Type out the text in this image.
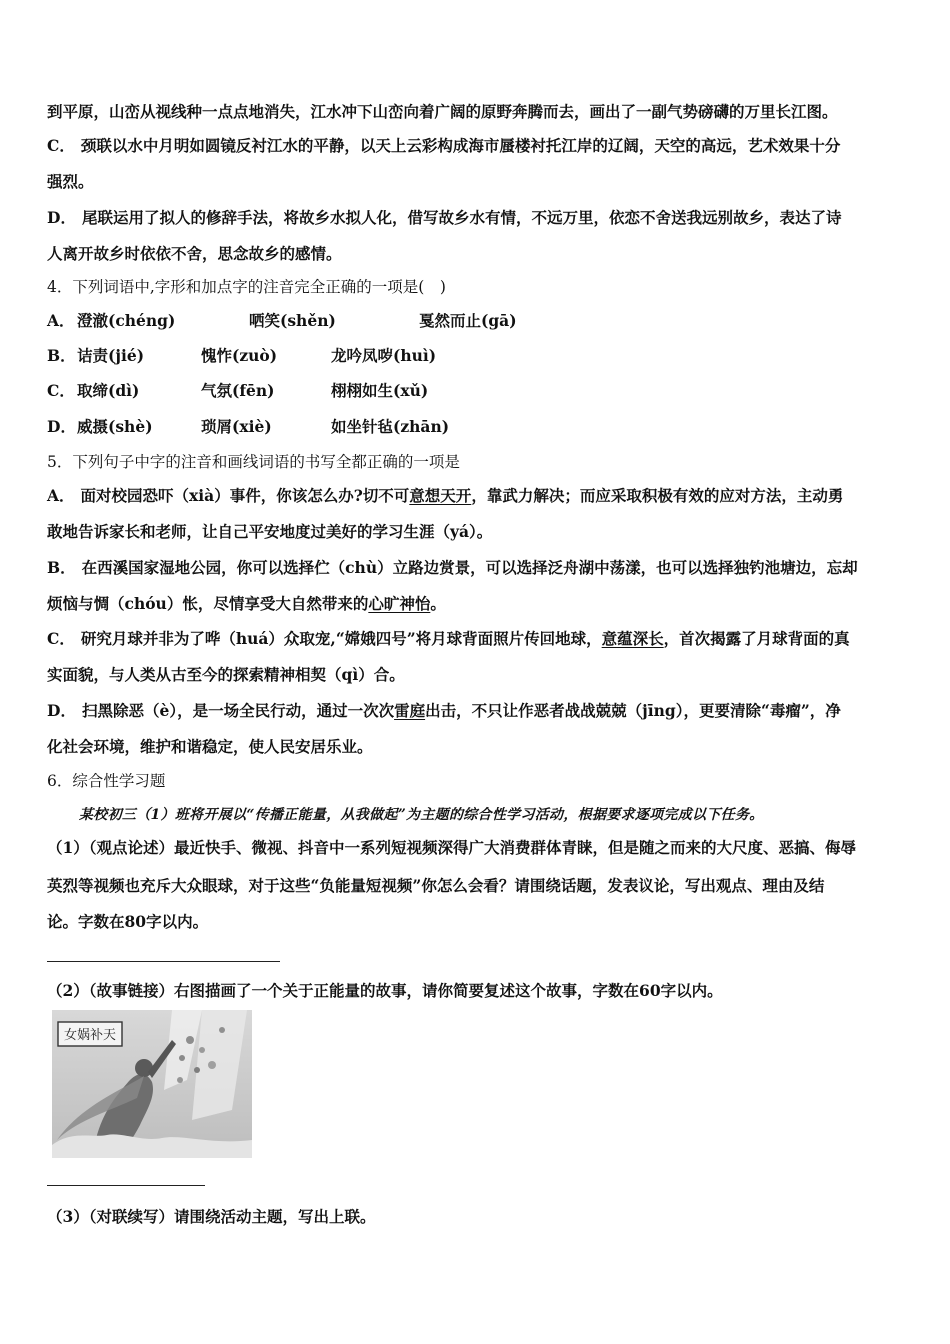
到平原，山峦从视线种一点点地消失，江水冲下山峦向着广阔的原野奔腾而去，画出了一副气势磅礴的万里长江图。
C． 颈联以水中月明如圆镜反衬江水的平静，以天上云彩构成海市蜃楼衬托江岸的辽阔，天空的高远，艺术效果十分
强烈。
D． 尾联运用了拟人的修辞手法，将故乡水拟人化，借写故乡水有情，不远万里，依恋不舍送我远别故乡，表达了诗
人离开故乡时依依不舍，思念故乡的感情。
4．下列词语中,字形和加点字的注音完全正确的一项是(　)
A． 澄澈(chéng)	哂笑(shěn)	戛然而止(gā)
B．诘责(jié)	愧怍(zuò)	龙吟凤哕(huì)
C． 取缔(dì)	气氛(fēn)	栩栩如生(xǔ)
D．威摄(shè)	琐屑(xiè)	如坐针毡(zhān)
5．下列句子中字的注音和画线词语的书写全都正确的一项是
A． 面对校园恐吓（xià）事件，你该怎么办?切不可意想天开，靠武力解决；而应采取积极有效的应对方法，主动勇
敢地告诉家长和老师，让自己平安地度过美好的学习生涯（yá）。
B． 在西溪国家湿地公园，你可以选择伫（chù）立路边赏景，可以选择泛舟湖中荡漾，也可以选择独钓池塘边，忘却
烦恼与惆（chóu）怅，尽情享受大自然带来的心旷神怡。
C． 研究月球并非为了哗（huá）众取宠,“嫦娥四号”将月球背面照片传回地球，意蕴深长，首次揭露了月球背面的真
实面貌，与人类从古至今的探索精神相契（qì）合。
D． 扫黑除恶（è），是一场全民行动，通过一次次雷庭出击，不只让作恶者战战兢兢（jīng），更要清除“毒瘤”，净
化社会环境，维护和谐稳定，使人民安居乐业。
6．综合性学习题
某校初三（1）班将开展以“传播正能量，从我做起”为主题的综合性学习活动，根据要求逐项完成以下任务。
（1）（观点论述）最近快手、微视、抖音中一系列短视频深得广大消费群体青睐，但是随之而来的大尺度、恶搞、侮辱
英烈等视频也充斥大众眼球，对于这些“负能量短视频”你怎么会看？请围绕话题，发表议论，写出观点、理由及结
论。字数在80字以内。
（2）（故事链接）右图描画了一个关于正能量的故事，请你简要复述这个故事，字数在60字以内。
女娲补天
（3）（对联续写）请围绕活动主题，写出上联。
